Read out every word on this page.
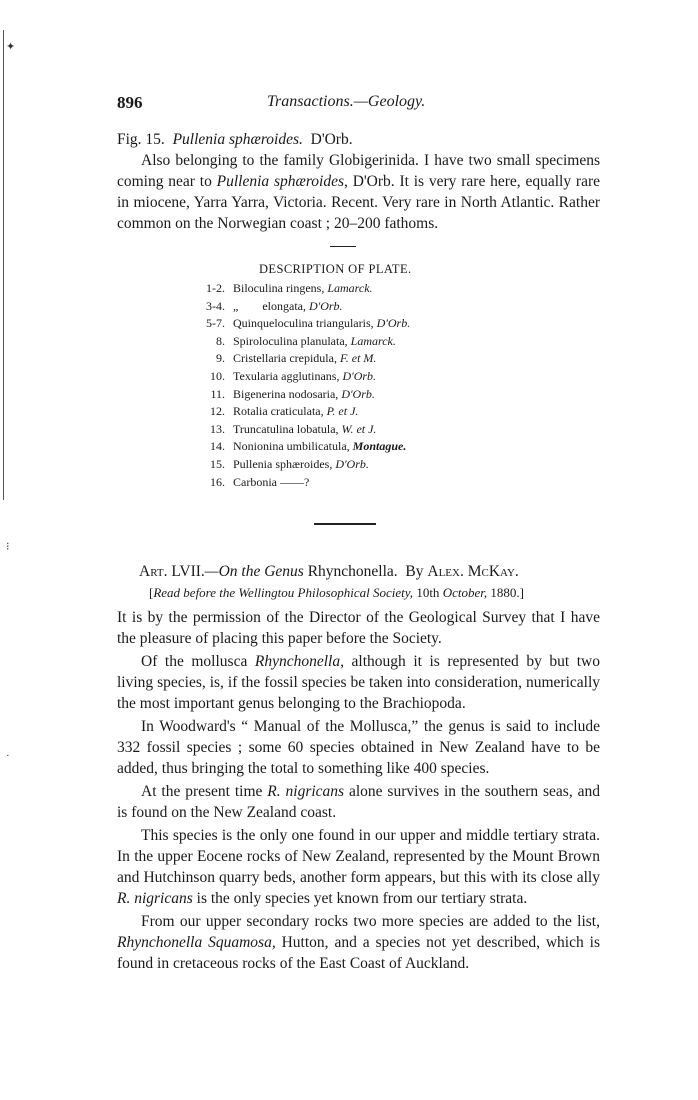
✦
⁝
·
896	Transactions.—Geology.

Fig. 15. Pullenia sphæroides. D'Orb.

Also belonging to the family Globigerinida. I have two small specimens coming near to Pullenia sphæroides, D'Orb. It is very rare here, equally rare in miocene, Yarra Yarra, Victoria. Recent. Very rare in North Atlantic. Rather common on the Norwegian coast ; 20–200 fathoms.

DESCRIPTION OF PLATE.
1-2. Biloculina ringens,
Lamarck.
3-4. „        elongata,
D'Orb.
5-7. Quinqueloculina triangularis,
D'Orb.
8. Spiroloculina planulata,
Lamarck.
9. Cristellaria crepidula,
F. et M.
10. Texularia agglutinans,
D'Orb.
11. Bigenerina nodosaria,
D'Orb.
12. Rotalia craticulata,
P. et J.
13. Truncatulina lobatula,
W. et J.
14. Nonionina umbilicatula,
Montague.
15. Pullenia sphæroides,
D'Orb.
16. Carbonia ——?
Art. LVII.—On the Genus Rhynchonella. By Alex. McKay.
[Read before the Wellingtou Philosophical Society, 10th October, 1880.]

It is by the permission of the Director of the Geological Survey that I have the pleasure of placing this paper before the Society.

Of the mollusca Rhynchonella, although it is represented by but two living species, is, if the fossil species be taken into consideration, numerically the most important genus belonging to the Brachiopoda.

In Woodward's “ Manual of the Mollusca,” the genus is said to include 332 fossil species ; some 60 species obtained in New Zealand have to be added, thus bringing the total to something like 400 species.

At the present time R. nigricans alone survives in the southern seas, and is found on the New Zealand coast.

This species is the only one found in our upper and middle tertiary strata. In the upper Eocene rocks of New Zealand, represented by the Mount Brown and Hutchinson quarry beds, another form appears, but this with its close ally R. nigricans is the only species yet known from our tertiary strata.

From our upper secondary rocks two more species are added to the list, Rhynchonella Squamosa, Hutton, and a species not yet described, which is found in cretaceous rocks of the East Coast of Auckland.
